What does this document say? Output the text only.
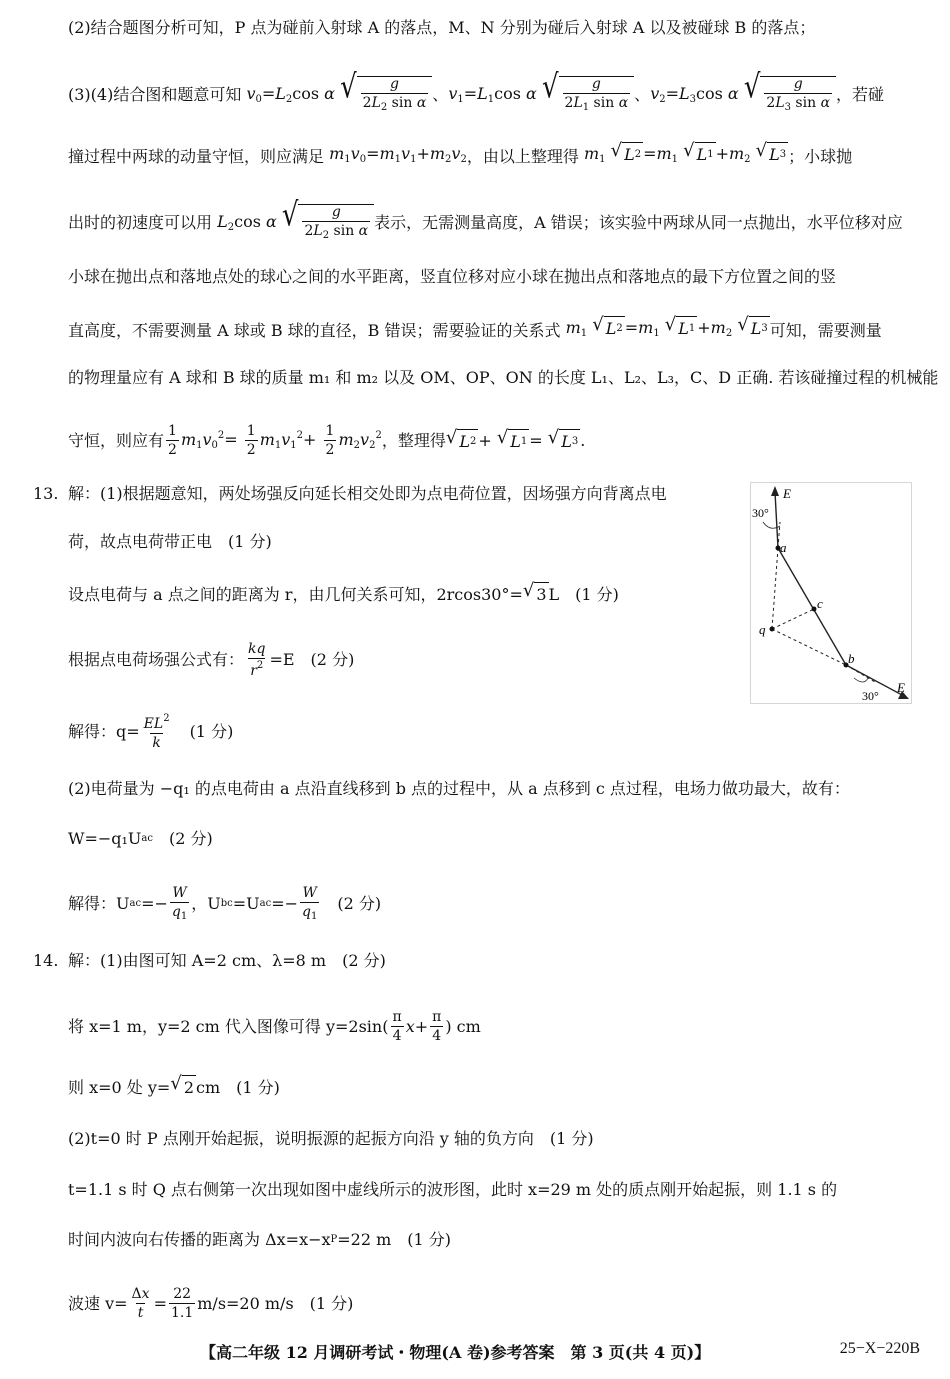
(2)结合题图分析可知，P 点为碰前入射球 A 的落点，M、N 分别为碰后入射球 A 以及被碰球 B 的落点；
(3)(4)结合图和题意可知 $v_0=L_2\cos$ α √ $\frac{g}{2L_2 \sin \alpha}$ 、 $v_1=L_1\cos$ α √ $\frac{g}{2L_1 \sin \alpha}$ 、 $v_2=L_3\cos$ α √ $\frac{g}{2L_3 \sin \alpha}$ ，若碰
撞过程中两球的动量守恒，则应满足 $m_1v_0=m_1v_1+m_2v_2$ ，由以上整理得 $m_1$ √ L $2 =m_1$ √ L $1 +m_2$ √ L 3 ；小球抛
出时的初速度可以用 $L_2\cos$ α √ $\frac{g}{2L_2 \sin \alpha}$ 表示，无需测量高度，A 错误；该实验中两球从同一点抛出，水平位移对应
小球在抛出点和落地点处的球心之间的水平距离，竖直位移对应小球在抛出点和落地点的最下方位置之间的竖
直高度，不需要测量 A 球或 B 球的直径，B 错误；需要验证的关系式 $m_1$ √ L $2 =m_1$ √ L $1 +m_2$ √ L 3 可知，需要测量
的物理量应有 A 球和 B 球的质量 m₁ 和 m₂ 以及 OM、OP、ON 的长度 L₁、L₂、L₃，C、D 正确. 若该碰撞过程的机械能
守恒，则应有 $\frac{1}{2} m_1v_0^2= \frac{1}{2} m_1v_1^2+ \frac{1}{2} m_2v_2^2$ ，整理得 √ L 2 + √ L 1 = √ L 3 .
13. 解：(1)根据题意知，两处场强反向延长相交处即为点电荷位置，因场强方向背离点电
荷，故点电荷带正电　(1 分)
设点电荷与 a 点之间的距离为 r，由几何关系可知，2rcos30°= √ 3 L　(1 分)
根据点电荷场强公式有： $\frac{kq}{r^2} =E$　(2 分)
解得：$q= \frac{EL^2}{k}$ 　(1 分)
(2)电荷量为 −q₁ 的点电荷由 a 点沿直线移到 b 点的过程中，从 a 点移到 c 点过程，电场力做功最大，故有：
W=−q₁U ac 　(2 分)
解得：U ac =− $\frac{W}{q_1}$ ，U bc =U ac =− $\frac{W}{q_1}$ 　(2 分)
E
30°
a
c
q
b
30°
E
14. 解：(1)由图可知 A=2 cm、λ=8 m　(2 分)
将 x=1 m，y=2 cm 代入图像可得 $y=2\sin( \frac{\pi}{4}$ $x + \frac{\pi}{4}$ ) cm
则 x=0 处 y= √ 2 cm　(1 分)
(2)t=0 时 P 点刚开始起振，说明振源的起振方向沿 y 轴的负方向　(1 分)
t=1.1 s 时 Q 点右侧第一次出现如图中虚线所示的波形图，此时 x=29 m 处的质点刚开始起振，则 1.1 s 的
时间内波向右传播的距离为 Δx=x−x P =22 m　(1 分)
波速 $v= \frac{\Delta x}{t} = \frac{22}{1.1} m/s=20$ m/s　(1 分)
【高二年级 12 月调研考试・物理(A 卷)参考答案　第 3 页(共 4 页)】	25−X−220B
